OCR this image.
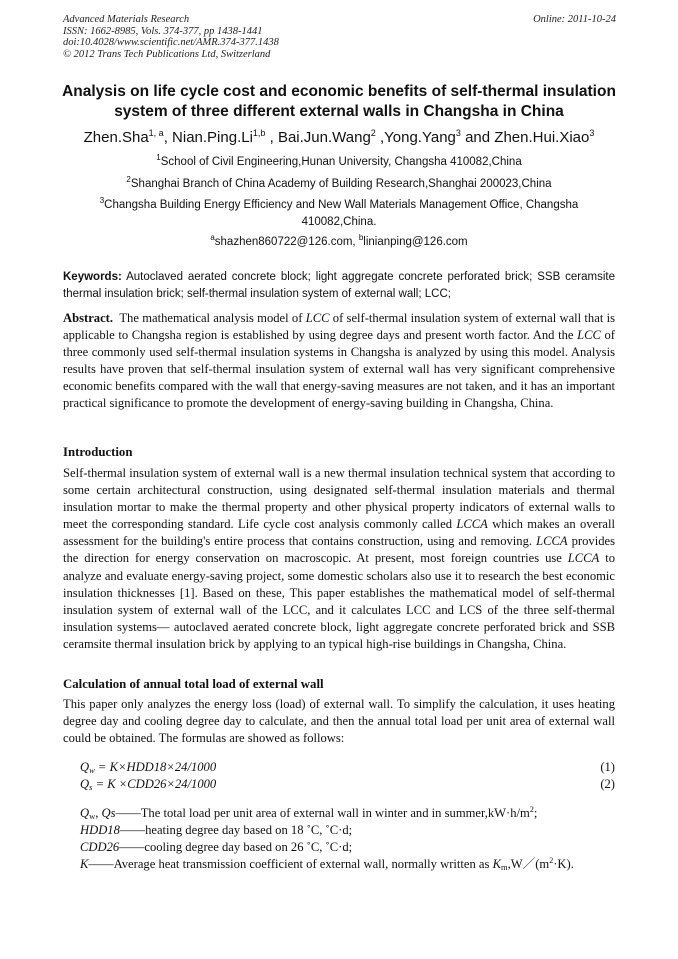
Advanced Materials Research
ISSN: 1662-8985, Vols. 374-377, pp 1438-1441
doi:10.4028/www.scientific.net/AMR.374-377.1438
© 2012 Trans Tech Publications Ltd, Switzerland
Online: 2011-10-24
Analysis on life cycle cost and economic benefits of self-thermal insulation system of three different external walls in Changsha in China
Zhen.Sha$^{1, a}$, Nian.Ping.Li$^{1,b}$ , Bai.Jun.Wang$^2$ ,Yong.Yang$^3$ and Zhen.Hui.Xiao$^3$
$^1$School of Civil Engineering,Hunan University, Changsha 410082,China
$^2$Shanghai Branch of China Academy of Building Research,Shanghai 200023,China
$^3$Changsha Building Energy Efficiency and New Wall Materials Management Office, Changsha 410082,China.
$^a$shazhen860722@126.com, $^b$linianping@126.com
Keywords: Autoclaved aerated concrete block; light aggregate concrete perforated brick; SSB ceramsite thermal insulation brick; self-thermal insulation system of external wall; LCC;
Abstract. The mathematical analysis model of LCC of self-thermal insulation system of external wall that is applicable to Changsha region is established by using degree days and present worth factor. And the LCC of three commonly used self-thermal insulation systems in Changsha is analyzed by using this model. Analysis results have proven that self-thermal insulation system of external wall has very significant comprehensive economic benefits compared with the wall that energy-saving measures are not taken, and it has an important practical significance to promote the development of energy-saving building in Changsha, China.
Introduction
Self-thermal insulation system of external wall is a new thermal insulation technical system that according to some certain architectural construction, using designated self-thermal insulation materials and thermal insulation mortar to make the thermal property and other physical property indicators of external walls to meet the corresponding standard. Life cycle cost analysis commonly called LCCA which makes an overall assessment for the building's entire process that contains construction, using and removing. LCCA provides the direction for energy conservation on macroscopic. At present, most foreign countries use LCCA to analyze and evaluate energy-saving project, some domestic scholars also use it to research the best economic insulation thicknesses [1]. Based on these, This paper establishes the mathematical model of self-thermal insulation system of external wall of the LCC, and it calculates LCC and LCS of the three self-thermal insulation systems— autoclaved aerated concrete block, light aggregate concrete perforated brick and SSB ceramsite thermal insulation brick by applying to an typical high-rise buildings in Changsha, China.
Calculation of annual total load of external wall
This paper only analyzes the energy loss (load) of external wall. To simplify the calculation, it uses heating degree day and cooling degree day to calculate, and then the annual total load per unit area of external wall could be obtained. The formulas are showed as follows:
$Q_w = K\times HDD18\times 24/1000$	(1)
$Q_s = K \times CDD26\times 24/1000$	(2)
$Q_w$, Qs——The total load per unit area of external wall in winter and in $summer,kW\cdot h/m^2$;
HDD18——heating degree day based on 18 ˚C, ˚C·d;
CDD26——cooling degree day based on 26 ˚C, ˚C·d;
K——Average heat transmission coefficient of external wall, normally written as $K_m,W/(m^2\cdot K)$.
